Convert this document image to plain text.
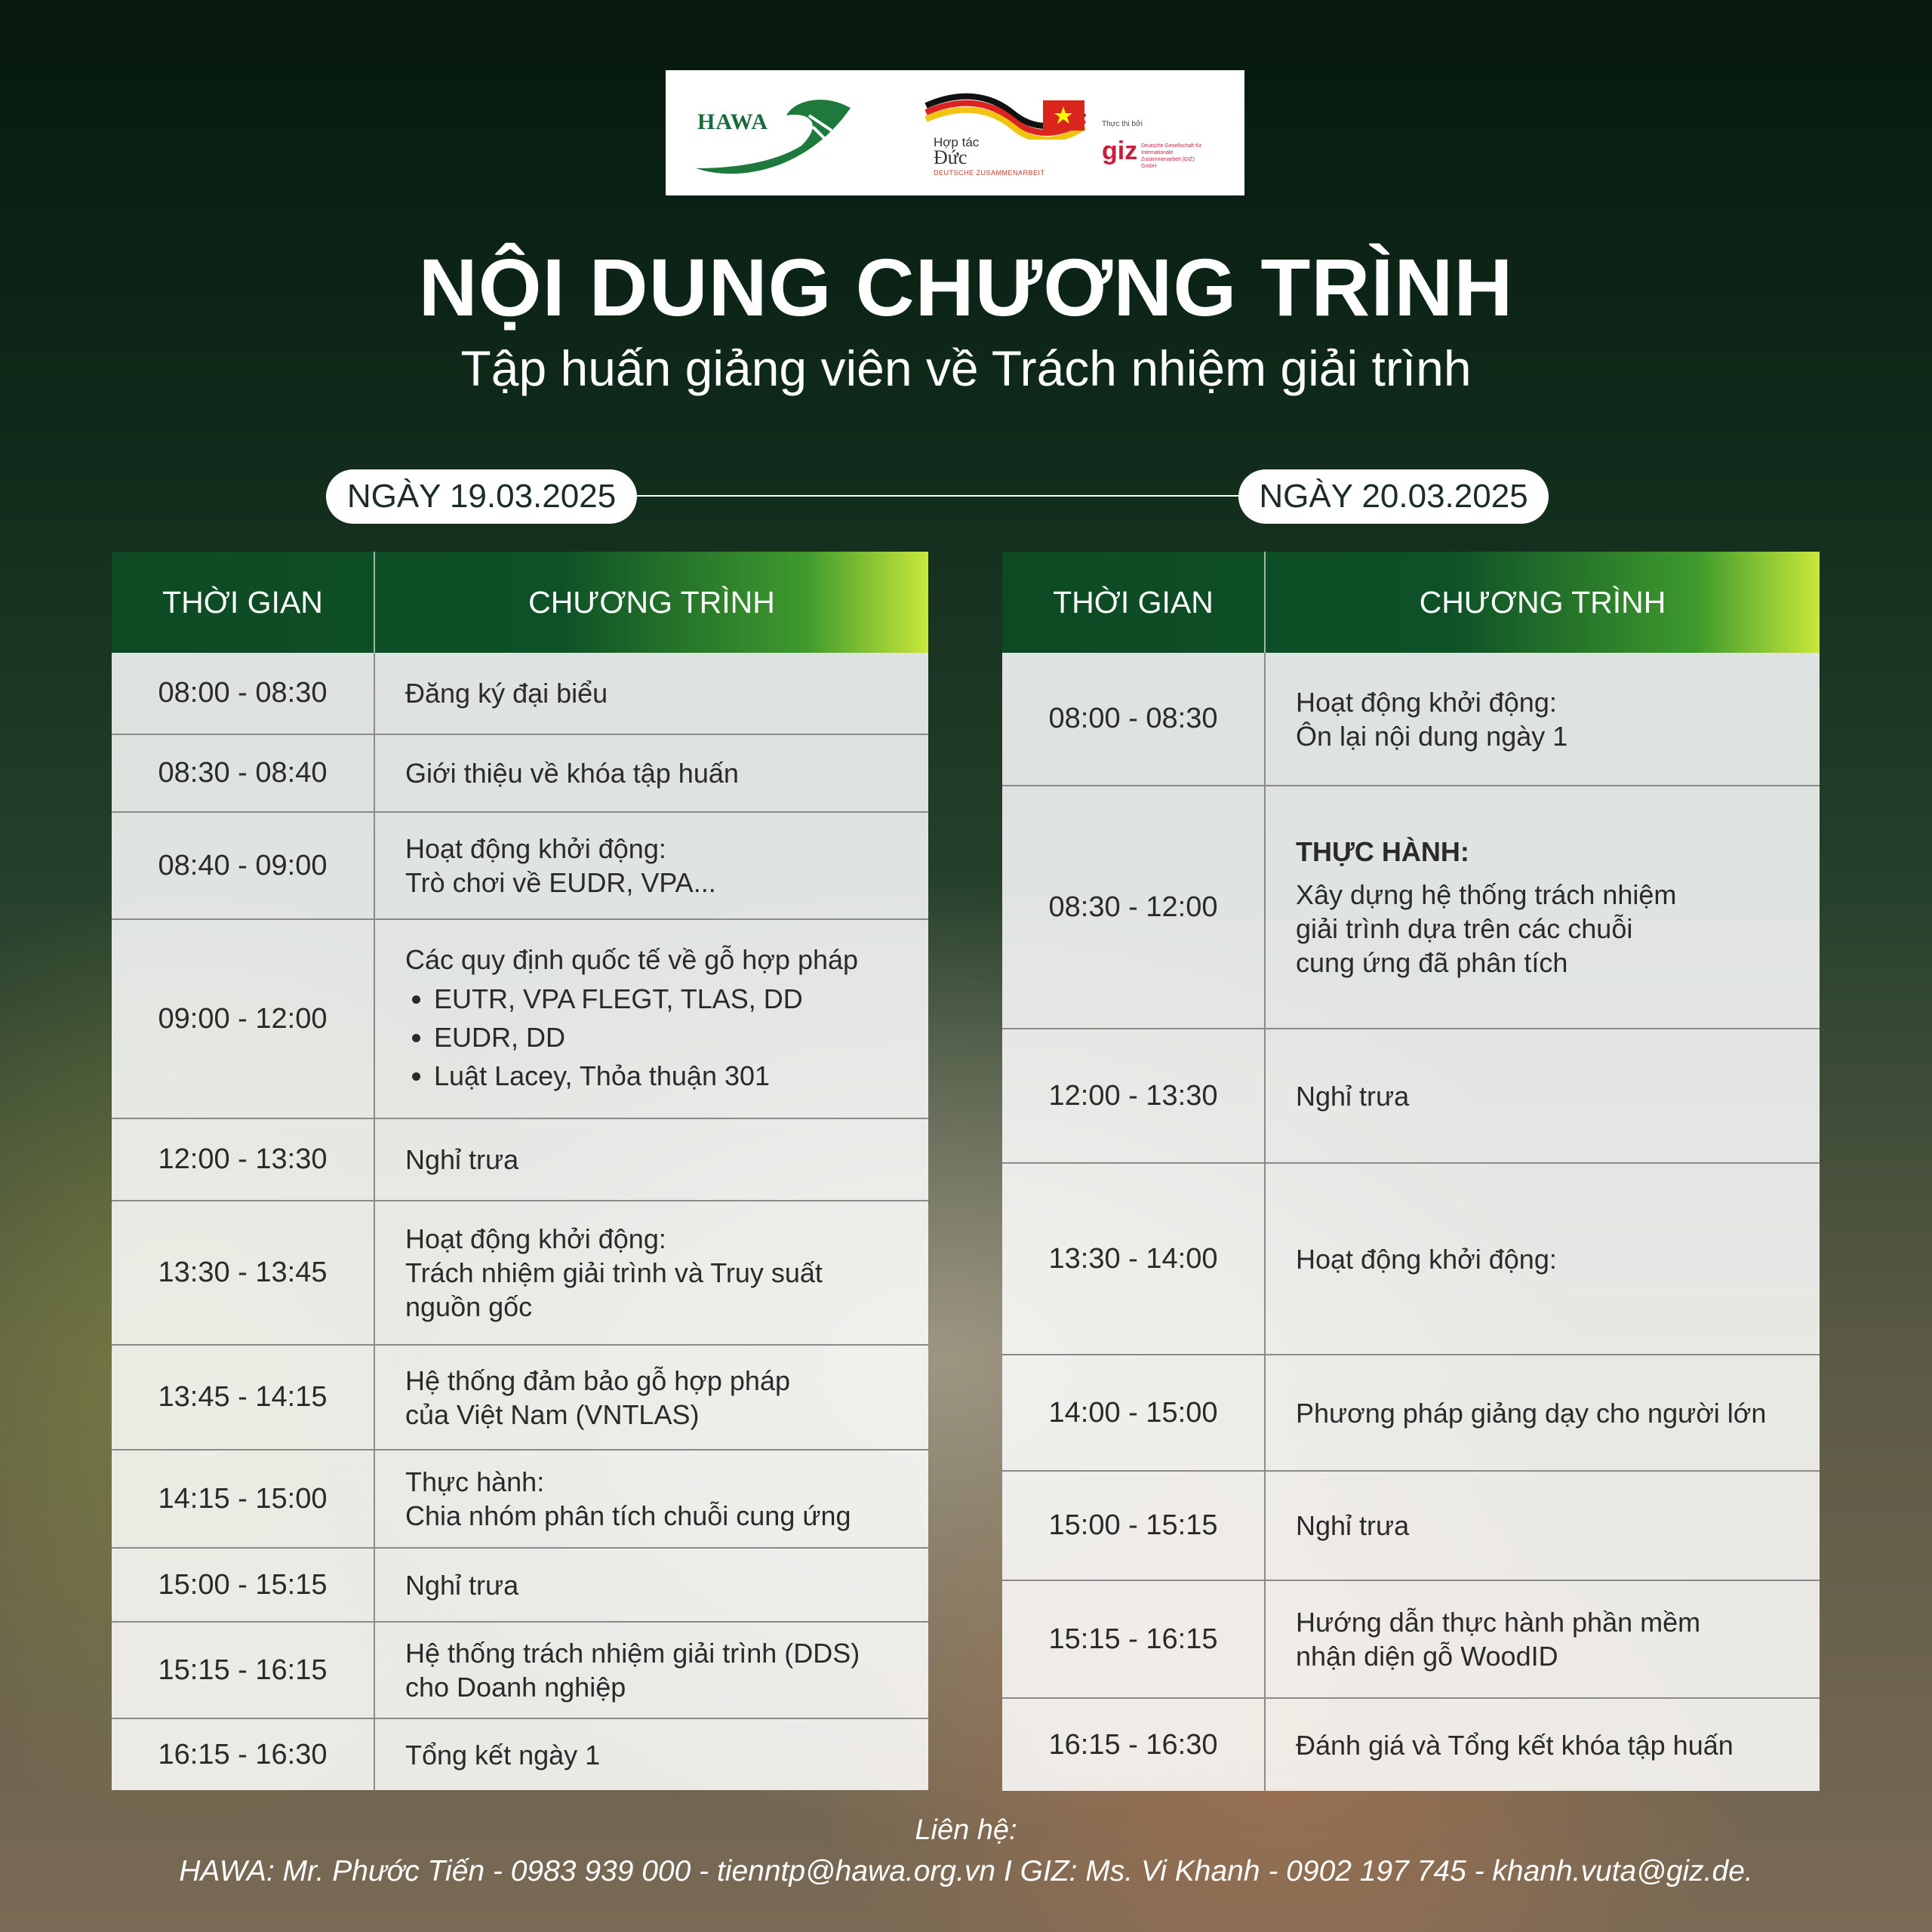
HAWA
Hợp tác
Đức
DEUTSCHE ZUSAMMENARBEIT
Thực thi bởi
giz Deutsche Gesellschaft für Internationale Zusammenarbeit (GIZ) GmbH
NỘI DUNG CHƯƠNG TRÌNH
Tập huấn giảng viên về Trách nhiệm giải trình
NGÀY 19.03.2025	NGÀY 20.03.2025
THỜI GIAN	CHƯƠNG TRÌNH
08:00 - 08:30	Đăng ký đại biểu
08:30 - 08:40	Giới thiệu về khóa tập huấn
08:40 - 09:00
Hoạt động khởi động:
Trò chơi về EUDR, VPA...
09:00 - 12:00
Các quy định quốc tế về gỗ hợp pháp
• EUTR, VPA FLEGT, TLAS, DD
• EUDR, DD
• Luật Lacey, Thỏa thuận 301
12:00 - 13:30	Nghỉ trưa
13:30 - 13:45
Hoạt động khởi động:
Trách nhiệm giải trình và Truy suất
nguồn gốc
13:45 - 14:15
Hệ thống đảm bảo gỗ hợp pháp
của Việt Nam (VNTLAS)
14:15 - 15:00
Thực hành:
Chia nhóm phân tích chuỗi cung ứng
15:00 - 15:15	Nghỉ trưa
15:15 - 16:15
Hệ thống trách nhiệm giải trình (DDS)
cho Doanh nghiệp
16:15 - 16:30	Tổng kết ngày 1
THỜI GIAN	CHƯƠNG TRÌNH
08:00 - 08:30
Hoạt động khởi động:
Ôn lại nội dung ngày 1
08:30 - 12:00
THỰC HÀNH:
Xây dựng hệ thống trách nhiệm
giải trình dựa trên các chuỗi
cung ứng đã phân tích
12:00 - 13:30	Nghỉ trưa
13:30 - 14:00	Hoạt động khởi động:
14:00 - 15:00	Phương pháp giảng dạy cho người lớn
15:00 - 15:15	Nghỉ trưa
15:15 - 16:15
Hướng dẫn thực hành phần mềm
nhận diện gỗ WoodID
16:15 - 16:30	Đánh giá và Tổng kết khóa tập huấn
Liên hệ:
HAWA: Mr. Phước Tiến - 0983 939 000 - tienntp@hawa.org.vn I GIZ: Ms. Vi Khanh - 0902 197 745 - khanh.vuta@giz.de.
